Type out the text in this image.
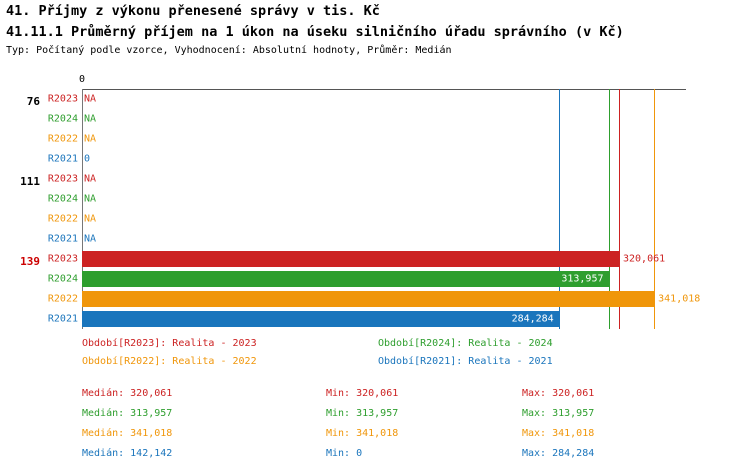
41. Příjmy z výkonu přenesené správy v tis. Kč
41.11.1 Průměrný příjem na 1 úkon na úseku silničního úřadu správního (v Kč)
Typ: Počítaný podle vzorce, Vyhodnocení: Absolutní hodnoty, Průměr: Medián
0
R2023 NA
R2024 NA
R2022 NA
R2021 0
R2023 NA
R2024 NA
R2022 NA
R2021 NA
R2023	320,061
R2024	313,957
R2022	341,018
R2021	284,284
Období[R2023]: Realita - 2023	Období[R2024]: Realita - 2024
Období[R2022]: Realita - 2022	Období[R2021]: Realita - 2021
Medián: 320,061	Min: 320,061	Max: 320,061
Medián: 313,957	Min: 313,957	Max: 313,957
Medián: 341,018	Min: 341,018	Max: 341,018
Medián: 142,142	Min: 0	Max: 284,284
76
111
139
